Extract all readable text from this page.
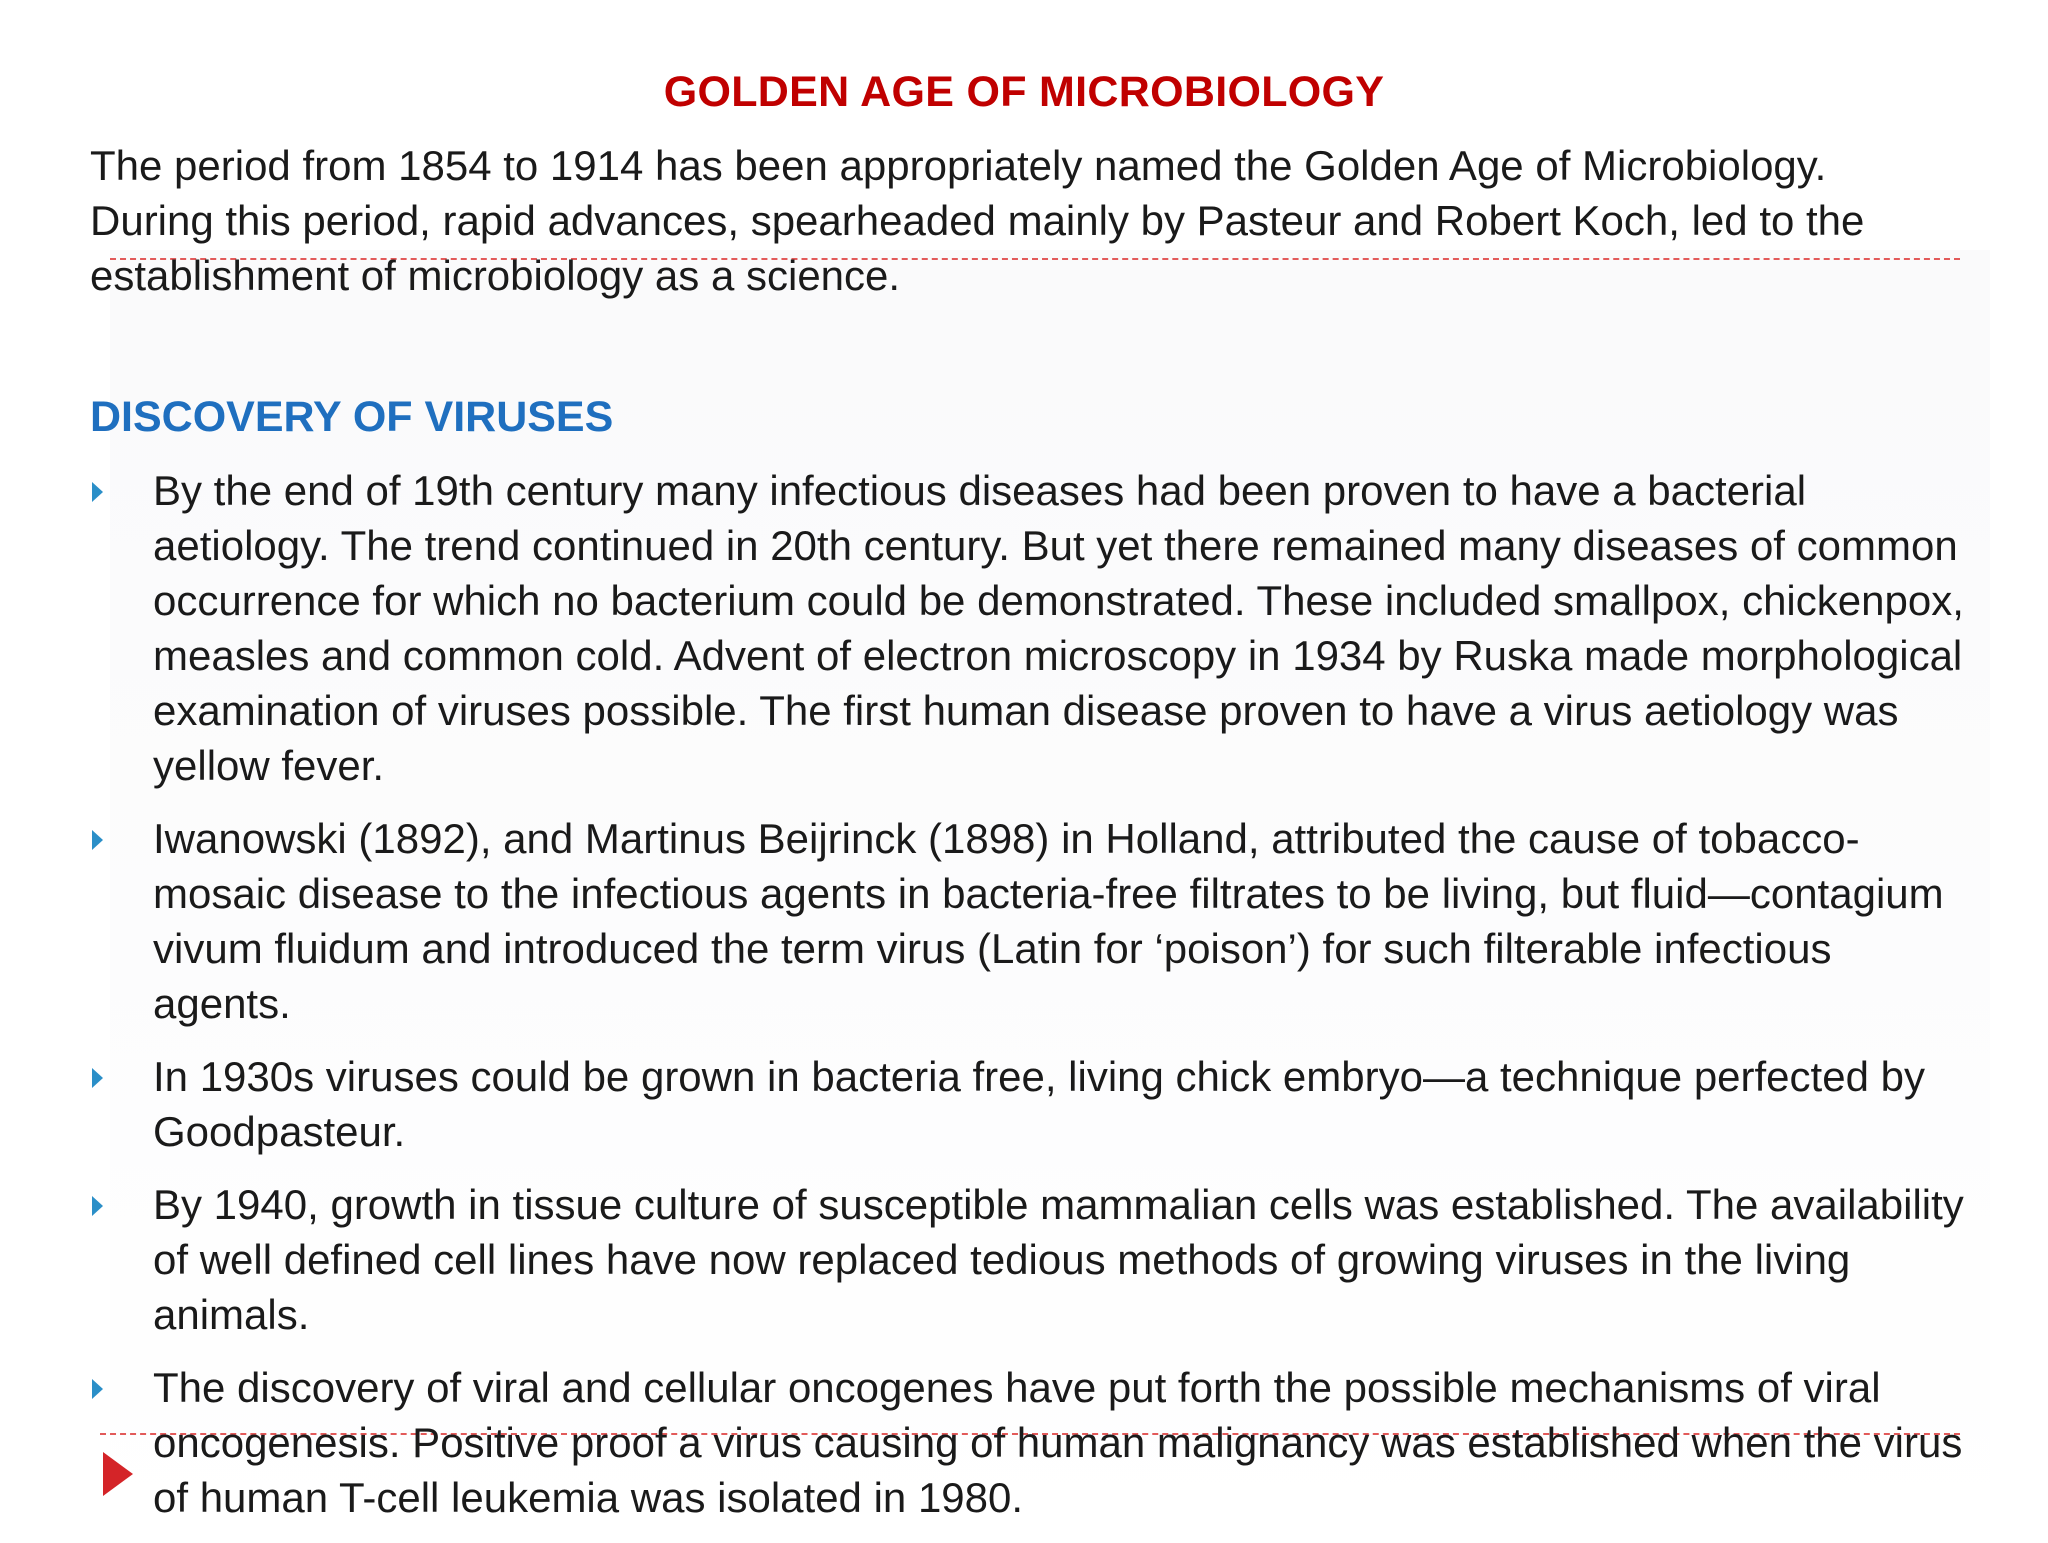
GOLDEN AGE OF MICROBIOLOGY
The period from 1854 to 1914 has been appropriately named the Golden Age of Microbiology. During this period, rapid advances, spearheaded mainly by Pasteur and Robert Koch, led to the establishment of microbiology as a science.
DISCOVERY OF VIRUSES
By the end of 19th century many infectious diseases had been proven to have a bacterial aetiology. The trend continued in 20th century. But yet there remained many diseases of common occurrence for which no bacterium could be demonstrated. These included smallpox, chickenpox, measles and common cold. Advent of electron microscopy in 1934 by Ruska made morphological examination of viruses possible. The first human disease proven to have a virus aetiology was yellow fever.
Iwanowski (1892), and Martinus Beijrinck (1898) in Holland, attributed the cause of tobacco- mosaic disease to the infectious agents in bacteria-free filtrates to be living, but fluid—contagium vivum fluidum and introduced the term virus (Latin for ‘poison’) for such filterable infectious agents.
In 1930s viruses could be grown in bacteria free, living chick embryo—a technique perfected by Goodpasteur.
By 1940, growth in tissue culture of susceptible mammalian cells was established. The availability of well defined cell lines have now replaced tedious methods of growing viruses in the living animals.
The discovery of viral and cellular oncogenes have put forth the possible mechanisms of viral oncogenesis. Positive proof a virus causing of human malignancy was established when the virus of human T-cell leukemia was isolated in 1980.
